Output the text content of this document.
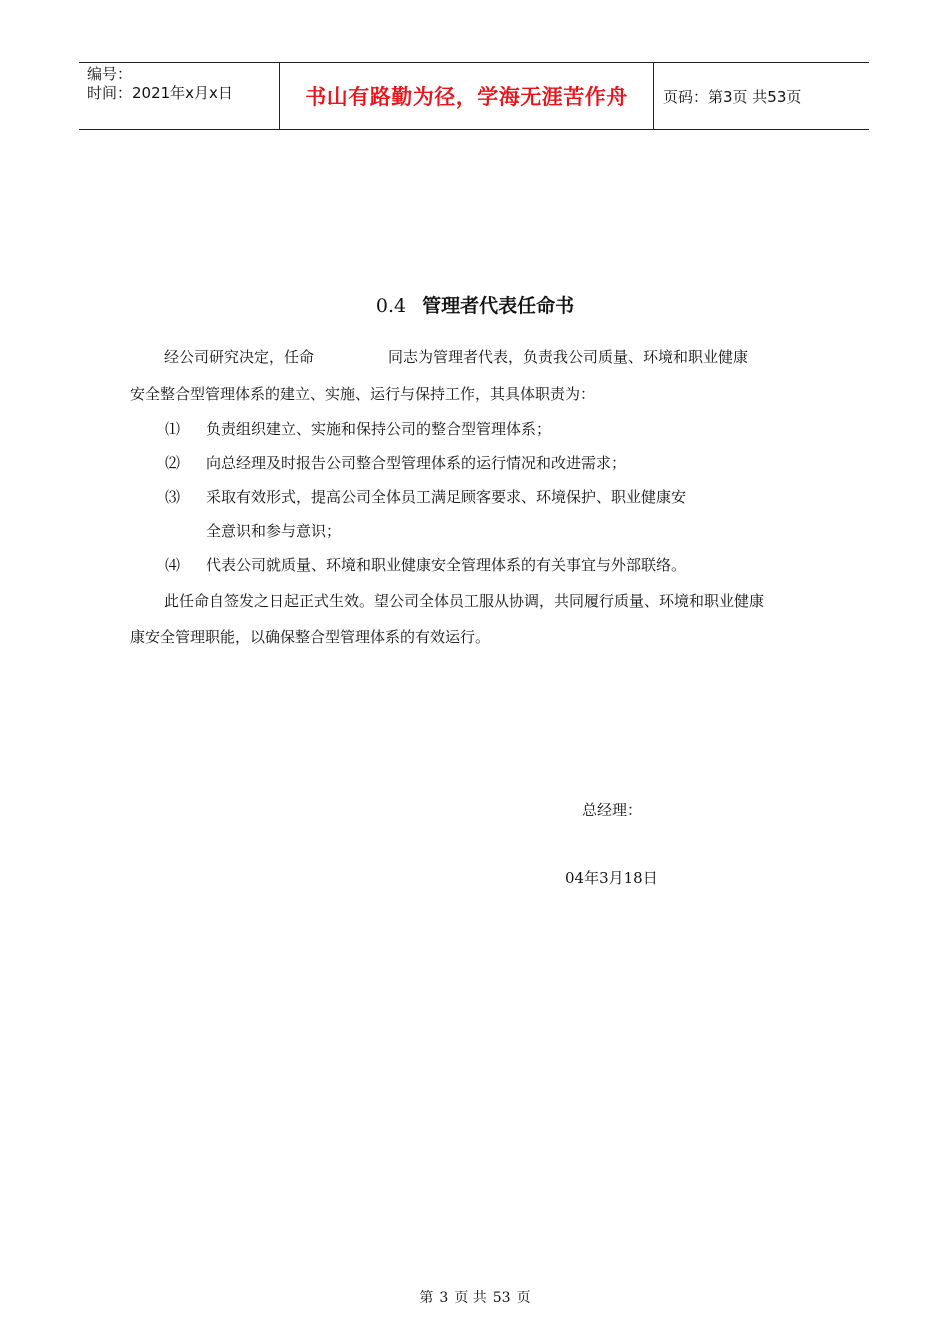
编号：
时间：2021年x月x日	书山有路勤为径，学海无涯苦作舟	页码：第3页 共53页
0.4 管理者代表任命书
经公司研究决定，任命	同志为管理者代表，负责我公司质量、环境和职业健康
安全整合型管理体系的建立、实施、运行与保持工作，其具体职责为：
⑴ 负责组织建立、实施和保持公司的整合型管理体系；
⑵ 向总经理及时报告公司整合型管理体系的运行情况和改进需求；
⑶ 采取有效形式，提高公司全体员工满足顾客要求、环境保护、职业健康安
全意识和参与意识；
⑷ 代表公司就质量、环境和职业健康安全管理体系的有关事宜与外部联络。
此任命自签发之日起正式生效。望公司全体员工服从协调，共同履行质量、环境和职业健康
康安全管理职能，以确保整合型管理体系的有效运行。
总经理：
04年3月18日
第 3 页 共 53 页
